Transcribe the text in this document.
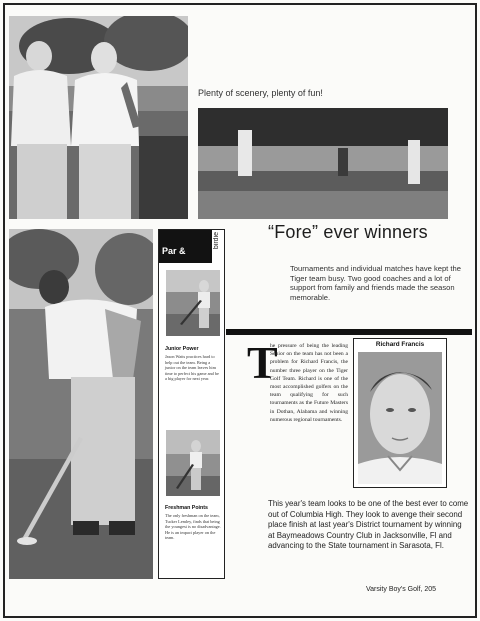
Plenty of scenery, plenty of fun!
“Fore” ever winners
Par &
birdie
Junior Power
Jason Watts practices hard to help out the team. Being a junior on the team leaves him time to perfect his game and be a big player for next year.
Freshman Points
The only freshman on the team, Tucker Lemley, finds that being the youngest is no disadvantage. He is an impact player on the team.
Tournaments and individual matches have kept the Tiger team busy. Two good coaches and a lot of support from family and friends made the season memorable.
T
he pressure of being the leading Senior on the team has not been a problem for Richard Francis, the number three player on the Tiger Golf Team. Richard is one of the most accomplished golfers on the team qualifying for such tournaments as the Future Masters in Dothan, Alabama and winning numerous regional tournaments.
Richard Francis
This year's team looks to be one of the best ever to come out of Columbia High. They look to avenge their second place finish at last year's District tournament by winning at Baymeadows Country Club in Jacksonville, Fl and advancing to the State tournament in Sarasota, Fl.
Varsity Boy's Golf, 205
